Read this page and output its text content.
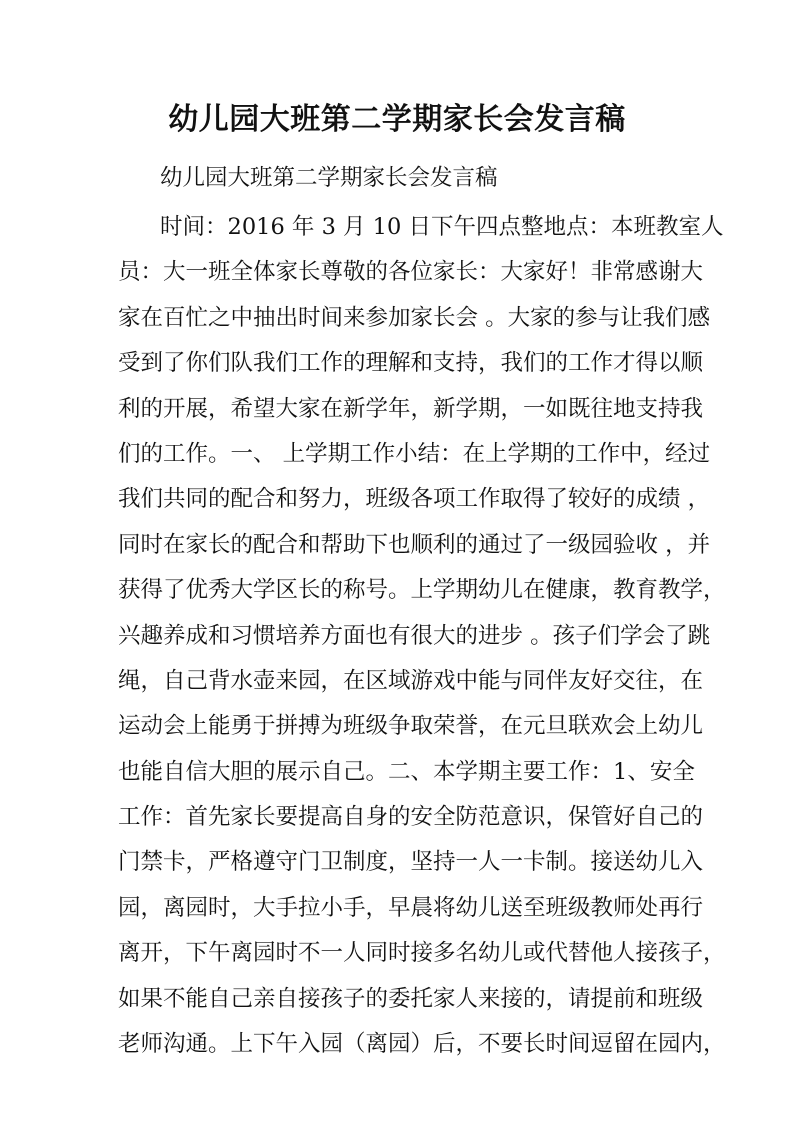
幼儿园大班第二学期家长会发言稿

幼儿园大班第二学期家长会发言稿

时间：2016 年 3 月 10 日下午四点整地点：本班教室人
员：大一班全体家长尊敬的各位家长：大家好！非常感谢大
家在百忙之中抽出时间来参加家长会 。大家的参与让我们感
受到了你们队我们工作的理解和支持，我们的工作才得以顺
利的开展，希望大家在新学年，新学期，一如既往地支持我
们的工作。一、 上学期工作小结：在上学期的工作中，经过
我们共同的配合和努力，班级各项工作取得了较好的成绩 ，
同时在家长的配合和帮助下也顺利的通过了一级园验收 ，并
获得了优秀大学区长的称号。上学期幼儿在健康，教育教学，
兴趣养成和习惯培养方面也有很大的进步 。孩子们学会了跳
绳，自己背水壶来园，在区域游戏中能与同伴友好交往，在
运动会上能勇于拼搏为班级争取荣誉，在元旦联欢会上幼儿
也能自信大胆的展示自己。二、本学期主要工作：1、安全
工作：首先家长要提高自身的安全防范意识，保管好自己的
门禁卡，严格遵守门卫制度，坚持一人一卡制。接送幼儿入
园，离园时，大手拉小手，早晨将幼儿送至班级教师处再行
离开，下午离园时不一人同时接多名幼儿或代替他人接孩子，
如果不能自己亲自接孩子的委托家人来接的，请提前和班级
老师沟通。上下午入园（离园）后，不要长时间逗留在园内，
